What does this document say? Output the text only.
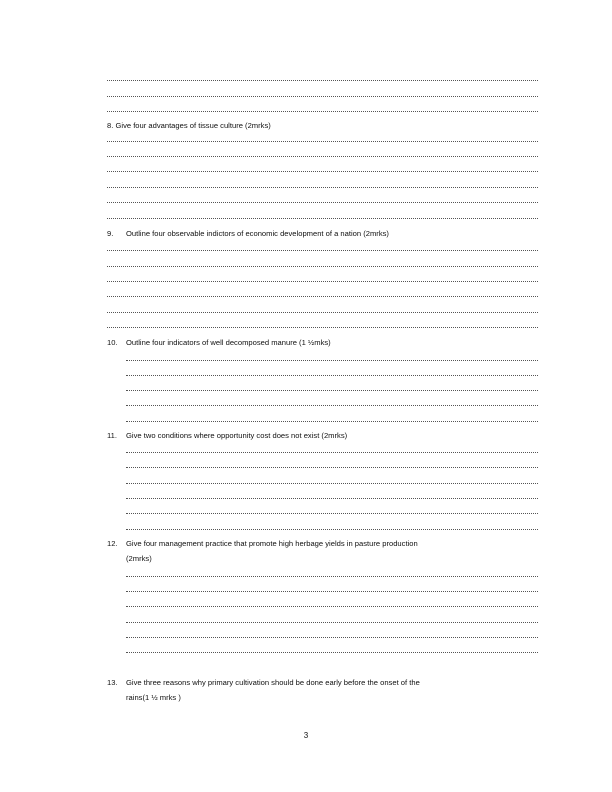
8. Give four advantages of tissue culture (2mrks)
9. Outline four observable indictors of economic development of a nation (2mrks)
10. Outline four indicators of well decomposed manure (1 ½mks)
11. Give two conditions where opportunity cost does not exist (2mrks)
12. Give four management practice that promote high herbage yields in pasture production
(2mrks)
13. Give three reasons why primary cultivation should be done early before the onset of the
rains(1 ½ mrks )
3
